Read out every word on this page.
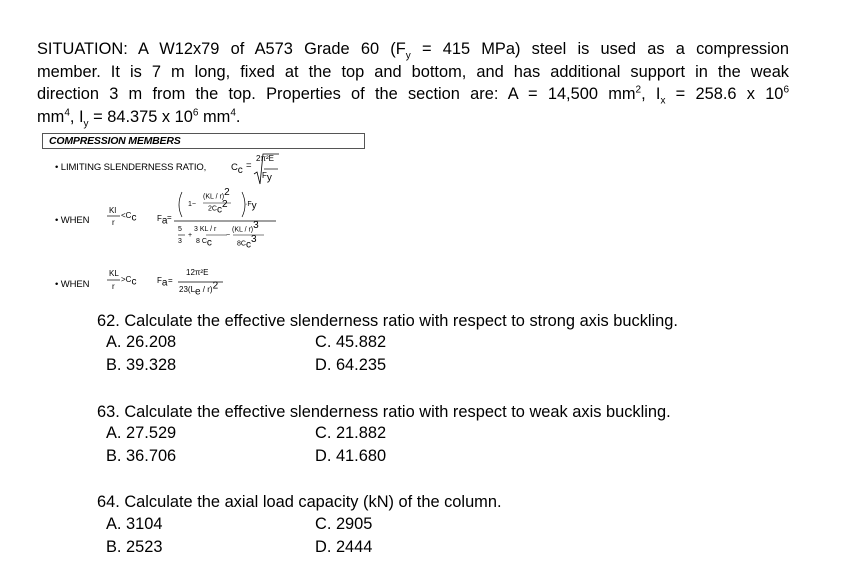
SITUATION: A W12x79 of A573 Grade 60 ($F_y = 415$ MPa) steel is used as a compression
member. It is 7 m long, fixed at the top and bottom, and has additional support in the weak
direction 3 m from the top. Properties of the section are: A = 14,500 $mm^2$, $I_x = 258.6$ x $10^6$
$mm^4$, $I_y = 84.375$ x $10^6$ $mm^4$.
COMPRESSION MEMBERS
• LIMITING SLENDERNESS RATIO,	$C_c$ =
2π²E
$F_y$
• WHEN
Kl
r
$<C_c$	$F_a$ =
1−
(KL / r)$^2$
$2C_c^2 \cdot F_y$
5
3
+
3 KL / r
8 $C_c$
−
(KL / r)$^3$
$8C_c^3$
• WHEN
KL
r
$>C_c$	$F_a$ =
12π²E
$23(L_e / r)^2$
62. Calculate the effective slenderness ratio with respect to strong axis buckling.
A. 26.208	C. 45.882
B. 39.328	D. 64.235
63. Calculate the effective slenderness ratio with respect to weak axis buckling.
A. 27.529	C. 21.882
B. 36.706	D. 41.680
64. Calculate the axial load capacity (kN) of the column.
A. 3104	C. 2905
B. 2523	D. 2444
